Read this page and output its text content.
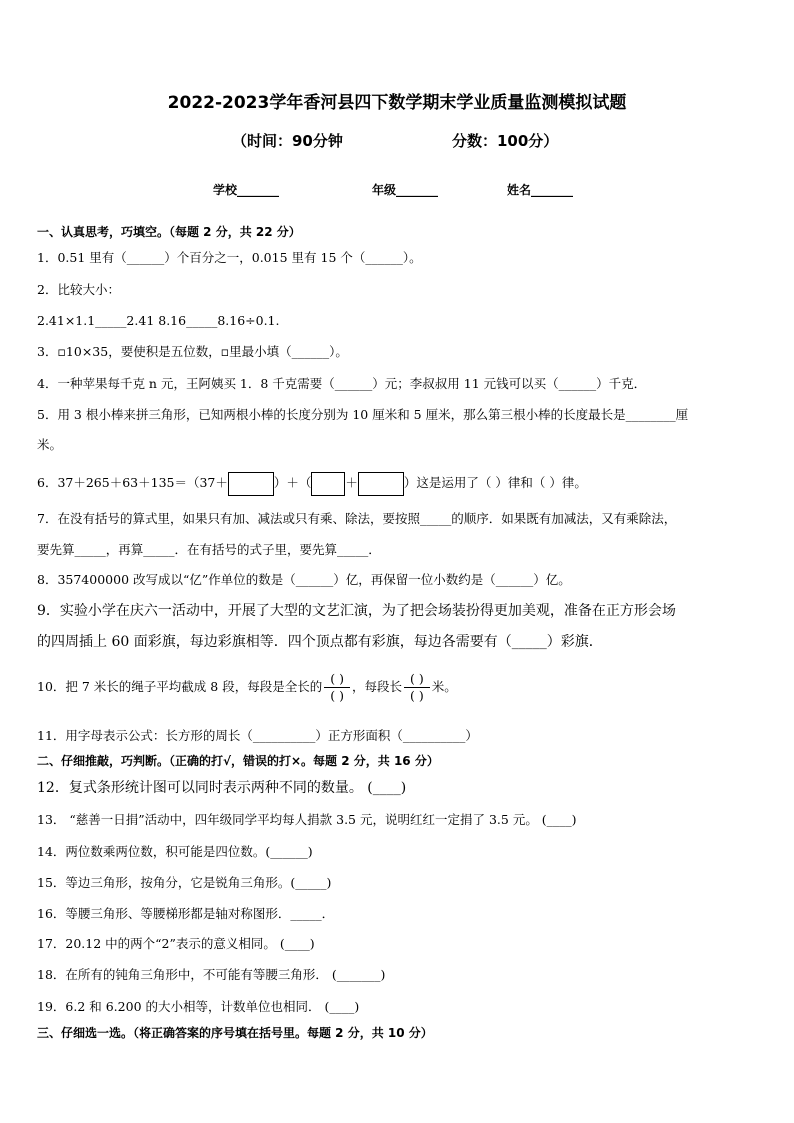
2022-2023学年香河县四下数学期末学业质量监测模拟试题
（时间：90分钟	分数：100分）
学校_______	年级_______	姓名_______
一、认真思考，巧填空。（每题 2 分，共 22 分）
1．0.51 里有（______）个百分之一，0.015 里有 15 个（______）。
2．比较大小：
2.41×1.1_____2.41 8.16_____8.16÷0.1.
3．▫10×35，要使积是五位数，▫里最小填（______）。
4．一种苹果每千克 n 元，王阿姨买 1．8 千克需要（______）元；李叔叔用 11 元钱可以买（______）千克．
5．用 3 根小棒来拼三角形，已知两根小棒的长度分别为 10 厘米和 5 厘米，那么第三根小棒的长度最长是________厘
米。
6．37＋265＋63＋135＝（37＋	）＋（	＋	）这是运用了（ ）律和（ ）律。
7．在没有括号的算式里，如果只有加、减法或只有乘、除法，要按照_____的顺序．如果既有加减法，又有乘除法，
要先算_____，再算_____．在有括号的式子里，要先算_____．
8．357400000 改写成以“亿”作单位的数是（______）亿，再保留一位小数约是（______）亿。
9．实验小学在庆六一活动中，开展了大型的文艺汇演，为了把会场装扮得更加美观，准备在正方形会场
的四周插上 60 面彩旗，每边彩旗相等．四个顶点都有彩旗，每边各需要有（_____）彩旗．
10．把 7 米长的绳子平均截成 8 段，每段是全长的 $\frac{( )}{( )}$ ，每段长 $\frac{( )}{( )}$ 米。
11．用字母表示公式：长方形的周长（__________）正方形面积（__________）
二、仔细推敲，巧判断。（正确的打√，错误的打×。每题 2 分，共 16 分）
12．复式条形统计图可以同时表示两种不同的数量。 (____)
13． “慈善一日捐”活动中，四年级同学平均每人捐款 3.5 元，说明红红一定捐了 3.5 元。 (____)
14．两位数乘两位数，积可能是四位数。(______)
15．等边三角形，按角分，它是锐角三角形。(_____)
16．等腰三角形、等腰梯形都是轴对称图形．_____．
17．20.12 中的两个“2”表示的意义相同。 (____)
18．在所有的钝角三角形中，不可能有等腰三角形． (_______)
19．6.2 和 6.200 的大小相等，计数单位也相同． (____)
三、仔细选一选。（将正确答案的序号填在括号里。每题 2 分，共 10 分）
